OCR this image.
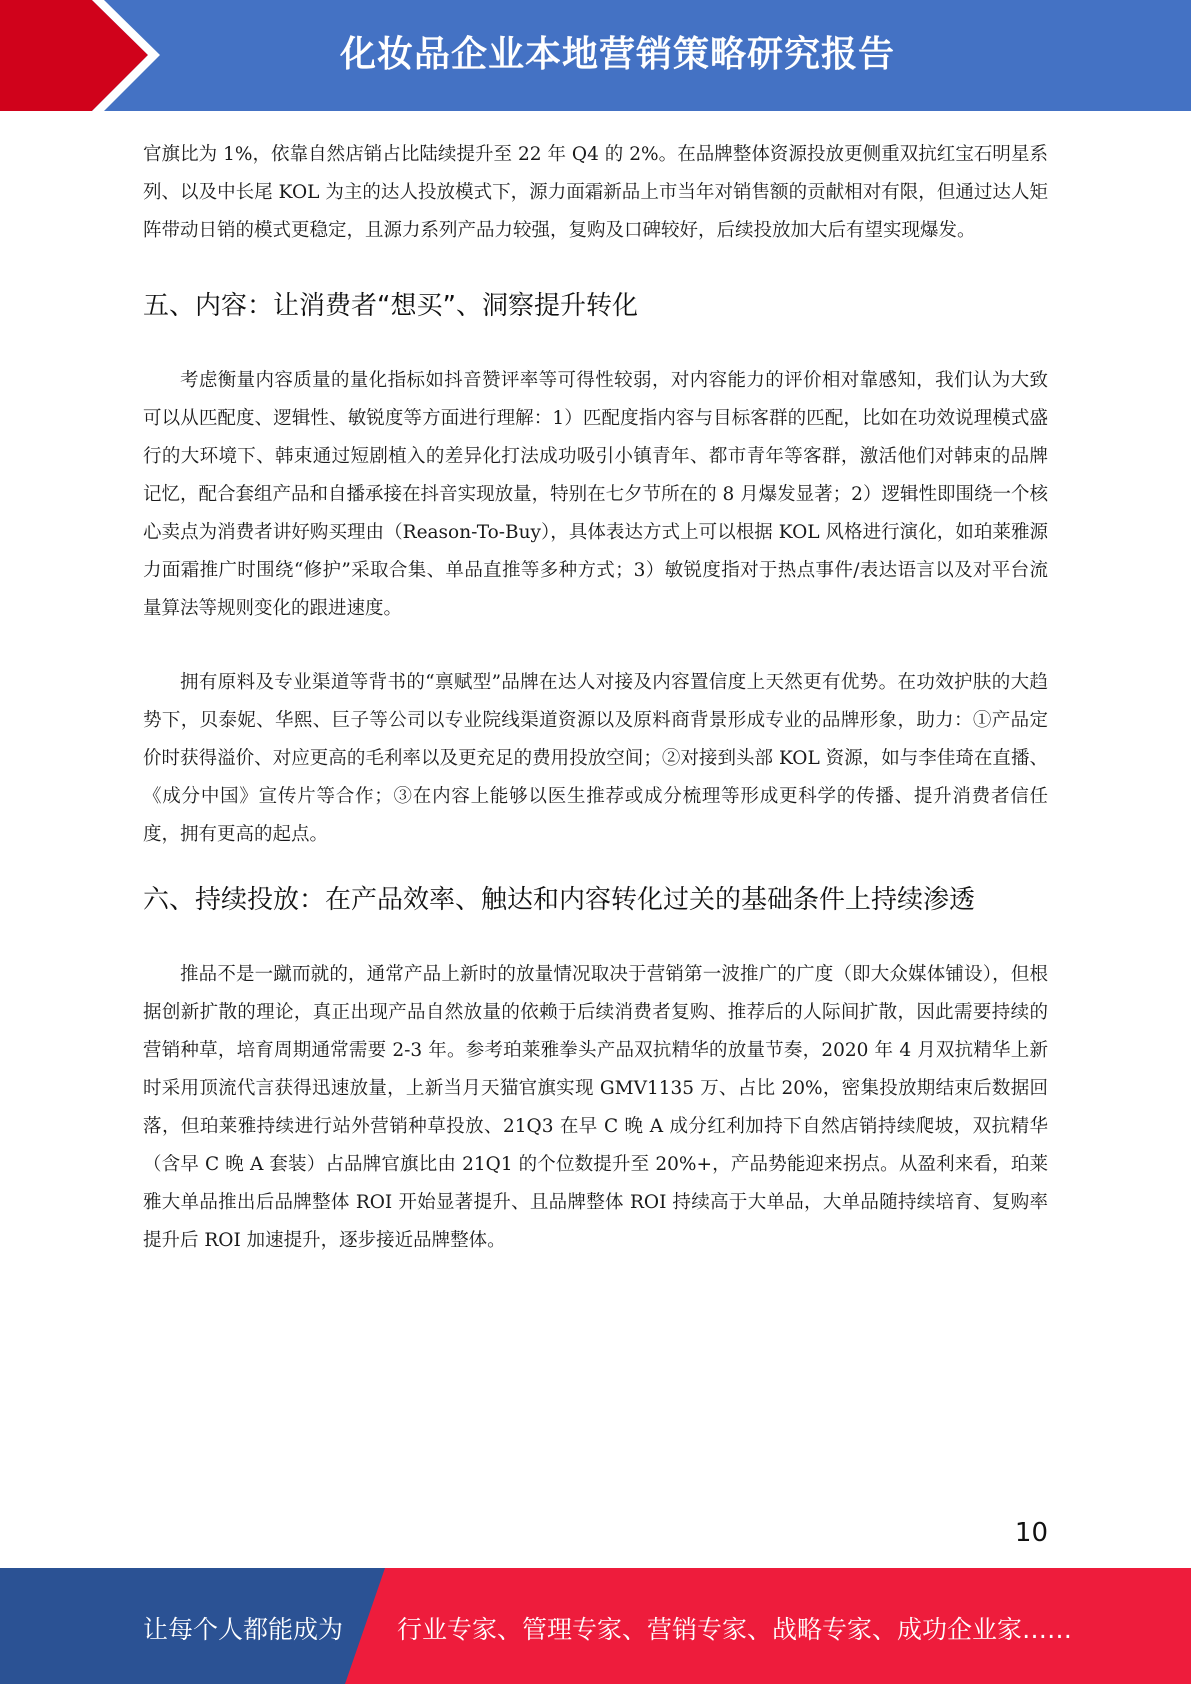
化妆品企业本地营销策略研究报告

官旗比为 1%，依靠自然店销占比陆续提升至 22 年 Q4 的 2%。在品牌整体资源投放更侧重双抗红宝石明星系列、以及中长尾 KOL 为主的达人投放模式下，源力面霜新品上市当年对销售额的贡献相对有限，但通过达人矩阵带动日销的模式更稳定，且源力系列产品力较强，复购及口碑较好，后续投放加大后有望实现爆发。

五、内容：让消费者“想买”、洞察提升转化

考虑衡量内容质量的量化指标如抖音赞评率等可得性较弱，对内容能力的评价相对靠感知，我们认为大致可以从匹配度、逻辑性、敏锐度等方面进行理解：1）匹配度指内容与目标客群的匹配，比如在功效说理模式盛行的大环境下、韩束通过短剧植入的差异化打法成功吸引小镇青年、都市青年等客群，激活他们对韩束的品牌记忆，配合套组产品和自播承接在抖音实现放量，特别在七夕节所在的 8 月爆发显著；2）逻辑性即围绕一个核心卖点为消费者讲好购买理由（Reason-To-Buy），具体表达方式上可以根据 KOL 风格进行演化，如珀莱雅源力面霜推广时围绕“修护”采取合集、单品直推等多种方式；3）敏锐度指对于热点事件/表达语言以及对平台流量算法等规则变化的跟进速度。

拥有原料及专业渠道等背书的“禀赋型”品牌在达人对接及内容置信度上天然更有优势。在功效护肤的大趋势下，贝泰妮、华熙、巨子等公司以专业院线渠道资源以及原料商背景形成专业的品牌形象，助力：①产品定价时获得溢价、对应更高的毛利率以及更充足的费用投放空间；②对接到头部 KOL 资源，如与李佳琦在直播、《成分中国》宣传片等合作；③在内容上能够以医生推荐或成分梳理等形成更科学的传播、提升消费者信任度，拥有更高的起点。

六、持续投放：在产品效率、触达和内容转化过关的基础条件上持续渗透

推品不是一蹴而就的，通常产品上新时的放量情况取决于营销第一波推广的广度（即大众媒体铺设），但根据创新扩散的理论，真正出现产品自然放量的依赖于后续消费者复购、推荐后的人际间扩散，因此需要持续的营销种草，培育周期通常需要 2-3 年。参考珀莱雅拳头产品双抗精华的放量节奏，2020 年 4 月双抗精华上新时采用顶流代言获得迅速放量，上新当月天猫官旗实现 GMV1135 万、占比 20%，密集投放期结束后数据回落，但珀莱雅持续进行站外营销种草投放、21Q3 在早 C 晚 A 成分红利加持下自然店销持续爬坡，双抗精华（含早 C 晚 A 套装）占品牌官旗比由 21Q1 的个位数提升至 20%+，产品势能迎来拐点。从盈利来看，珀莱雅大单品推出后品牌整体 ROI 开始显著提升、且品牌整体 ROI 持续高于大单品，大单品随持续培育、复购率提升后 ROI 加速提升，逐步接近品牌整体。

10
让每个人都能成为 行业专家、管理专家、营销专家、战略专家、成功企业家……
